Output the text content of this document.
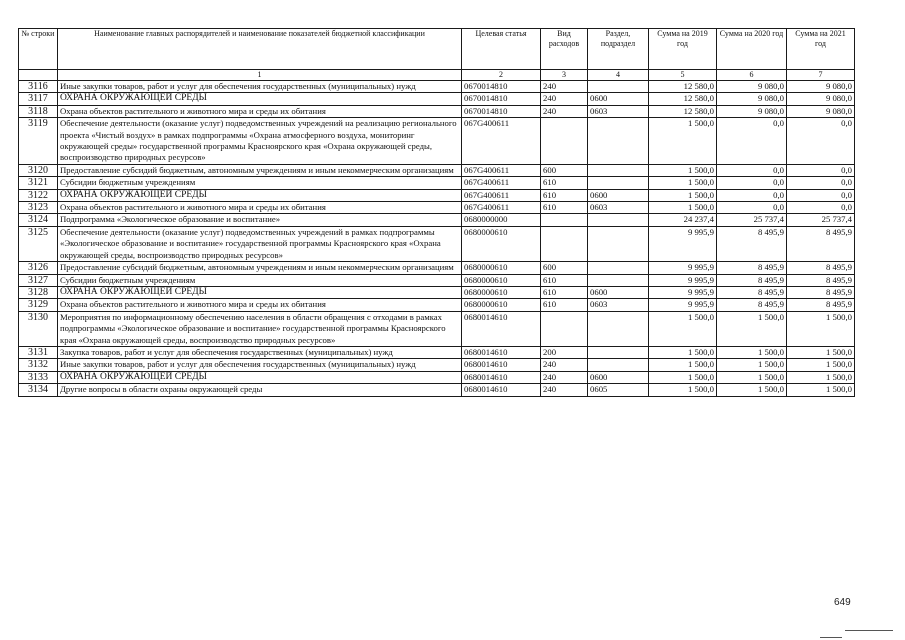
№ строки	Наименование главных распорядителей и наименование показателей бюджетной классификации	Целевая статья	Вид расходов	Раздел, подраздел	Сумма на 2019 год	Сумма на 2020 год	Сумма на 2021 год
	1	2	3	4	5	6	7
3116	Иные закупки товаров, работ и услуг для обеспечения государственных (муниципальных) нужд	0670014810	240		12 580,0	9 080,0	9 080,0
3117	ОХРАНА ОКРУЖАЮЩЕЙ СРЕДЫ	0670014810	240	0600	12 580,0	9 080,0	9 080,0
3118	Охрана объектов растительного и животного мира и среды их обитания	0670014810	240	0603	12 580,0	9 080,0	9 080,0
3119	Обеспечение деятельности (оказание услуг) подведомственных учреждений на реализацию регионального проекта «Чистый воздух» в рамках подпрограммы «Охрана атмосферного воздуха, мониторинг окружающей среды» государственной программы Красноярского края «Охрана окружающей среды, воспроизводство природных ресурсов»	067G400611			1 500,0	0,0	0,0
3120	Предоставление субсидий бюджетным, автономным учреждениям и иным некоммерческим организациям	067G400611	600		1 500,0	0,0	0,0
3121	Субсидии бюджетным учреждениям	067G400611	610		1 500,0	0,0	0,0
3122	ОХРАНА ОКРУЖАЮЩЕЙ СРЕДЫ	067G400611	610	0600	1 500,0	0,0	0,0
3123	Охрана объектов растительного и животного мира и среды их обитания	067G400611	610	0603	1 500,0	0,0	0,0
3124	Подпрограмма «Экологическое образование и воспитание»	0680000000			24 237,4	25 737,4	25 737,4
3125	Обеспечение деятельности (оказание услуг) подведомственных учреждений в рамках подпрограммы «Экологическое образование и воспитание» государственной программы Красноярского края «Охрана окружающей среды, воспроизводство природных ресурсов»	0680000610			9 995,9	8 495,9	8 495,9
3126	Предоставление субсидий бюджетным, автономным учреждениям и иным некоммерческим организациям	0680000610	600		9 995,9	8 495,9	8 495,9
3127	Субсидии бюджетным учреждениям	0680000610	610		9 995,9	8 495,9	8 495,9
3128	ОХРАНА ОКРУЖАЮЩЕЙ СРЕДЫ	0680000610	610	0600	9 995,9	8 495,9	8 495,9
3129	Охрана объектов растительного и животного мира и среды их обитания	0680000610	610	0603	9 995,9	8 495,9	8 495,9
3130	Мероприятия по информационному обеспечению населения в области обращения с отходами в рамках подпрограммы «Экологическое образование и воспитание» государственной программы Красноярского края «Охрана окружающей среды, воспроизводство природных ресурсов»	0680014610			1 500,0	1 500,0	1 500,0
3131	Закупка товаров, работ и услуг для обеспечения государственных (муниципальных) нужд	0680014610	200		1 500,0	1 500,0	1 500,0
3132	Иные закупки товаров, работ и услуг для обеспечения государственных (муниципальных) нужд	0680014610	240		1 500,0	1 500,0	1 500,0
3133	ОХРАНА ОКРУЖАЮЩЕЙ СРЕДЫ	0680014610	240	0600	1 500,0	1 500,0	1 500,0
3134	Другие вопросы в области охраны окружающей среды	0680014610	240	0605	1 500,0	1 500,0	1 500,0
649
